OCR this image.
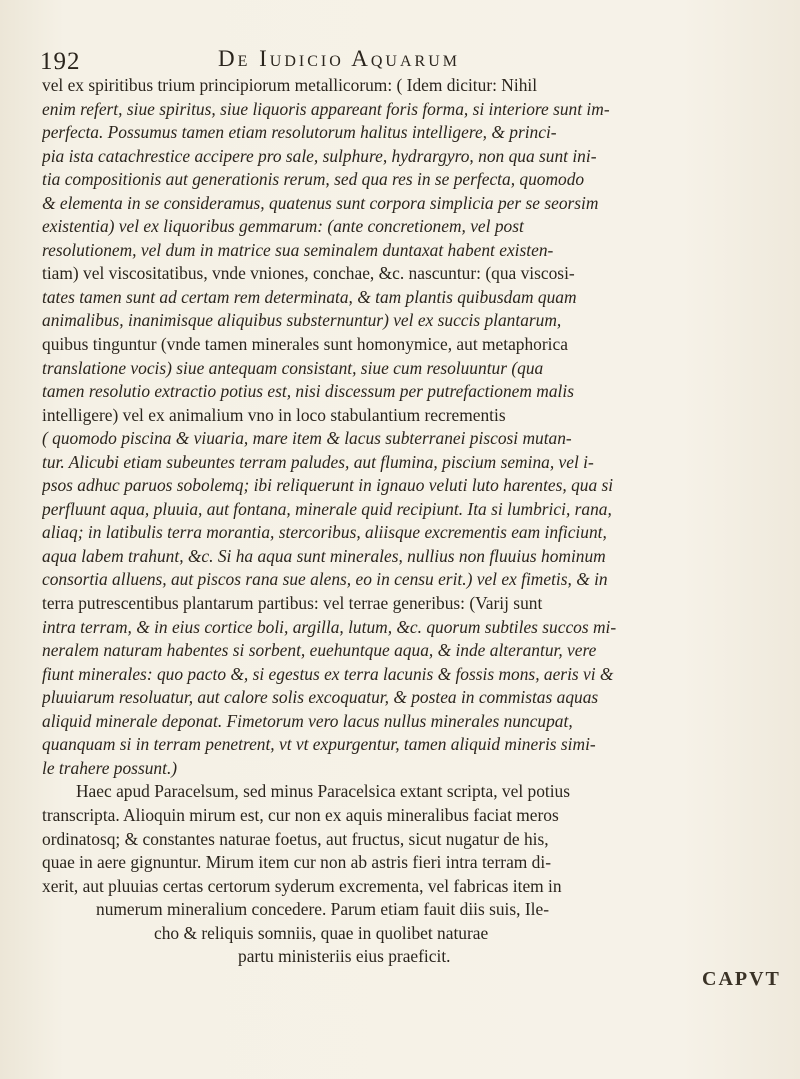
192	De Iudicio Aquarum
vel ex spiritibus trium principiorum metallicorum: ( Idem dicitur: Nihil
enim refert, siue spiritus, siue liquoris appareant foris forma, si interiore sunt im-
perfecta. Possumus tamen etiam resolutorum halitus intelligere, & princi-
pia ista catachrestice accipere pro sale, sulphure, hydrargyro, non qua sunt ini-
tia compositionis aut generationis rerum, sed qua res in se perfecta, quomodo
& elementa in se consideramus, quatenus sunt corpora simplicia per se seorsim
existentia) vel ex liquoribus gemmarum: (ante concretionem, vel post
resolutionem, vel dum in matrice sua seminalem duntaxat habent existen-
tiam) vel viscositatibus, vnde vniones, conchae, &c. nascuntur: (qua viscosi-
tates tamen sunt ad certam rem determinata, & tam plantis quibusdam quam
animalibus, inanimisque aliquibus substernuntur) vel ex succis plantarum,
quibus tinguntur (vnde tamen minerales sunt homonymice, aut metaphorica
translatione vocis) siue antequam consistant, siue cum resoluuntur (qua
tamen resolutio extractio potius est, nisi discessum per putrefactionem malis
intelligere) vel ex animalium vno in loco stabulantium recrementis
( quomodo piscina & viuaria, mare item & lacus subterranei piscosi mutan-
tur. Alicubi etiam subeuntes terram paludes, aut flumina, piscium semina, vel i-
psos adhuc paruos sobolemq; ibi reliquerunt in ignauo veluti luto harentes, qua si
perfluunt aqua, pluuia, aut fontana, minerale quid recipiunt. Ita si lumbrici, rana,
aliaq; in latibulis terra morantia, stercoribus, aliisque excrementis eam inficiunt,
aqua labem trahunt, &c. Si ha aqua sunt minerales, nullius non fluuius hominum
consortia alluens, aut piscos rana sue alens, eo in censu erit.) vel ex fimetis, & in
terra putrescentibus plantarum partibus: vel terrae generibus: (Varij sunt
intra terram, & in eius cortice boli, argilla, lutum, &c. quorum subtiles succos mi-
neralem naturam habentes si sorbent, euehuntque aqua, & inde alterantur, vere
fiunt minerales: quo pacto &, si egestus ex terra lacunis & fossis mons, aeris vi &
pluuiarum resoluatur, aut calore solis excoquatur, & postea in commistas aquas
aliquid minerale deponat. Fimetorum vero lacus nullus minerales nuncupat,
quanquam si in terram penetrent, vt vt expurgentur, tamen aliquid mineris simi-
le trahere possunt.)
Haec apud Paracelsum, sed minus Paracelsica extant scripta, vel potius
transcripta. Alioquin mirum est, cur non ex aquis mineralibus faciat meros
ordinatosq; & constantes naturae foetus, aut fructus, sicut nugatur de his,
quae in aere gignuntur. Mirum item cur non ab astris fieri intra terram di-
xerit, aut pluuias certas certorum syderum excrementa, vel fabricas item in
numerum mineralium concedere. Parum etiam fauit diis suis, Ile-
cho & reliquis somniis, quae in quolibet naturae
partu ministeriis eius praeficit.
CAPVT
